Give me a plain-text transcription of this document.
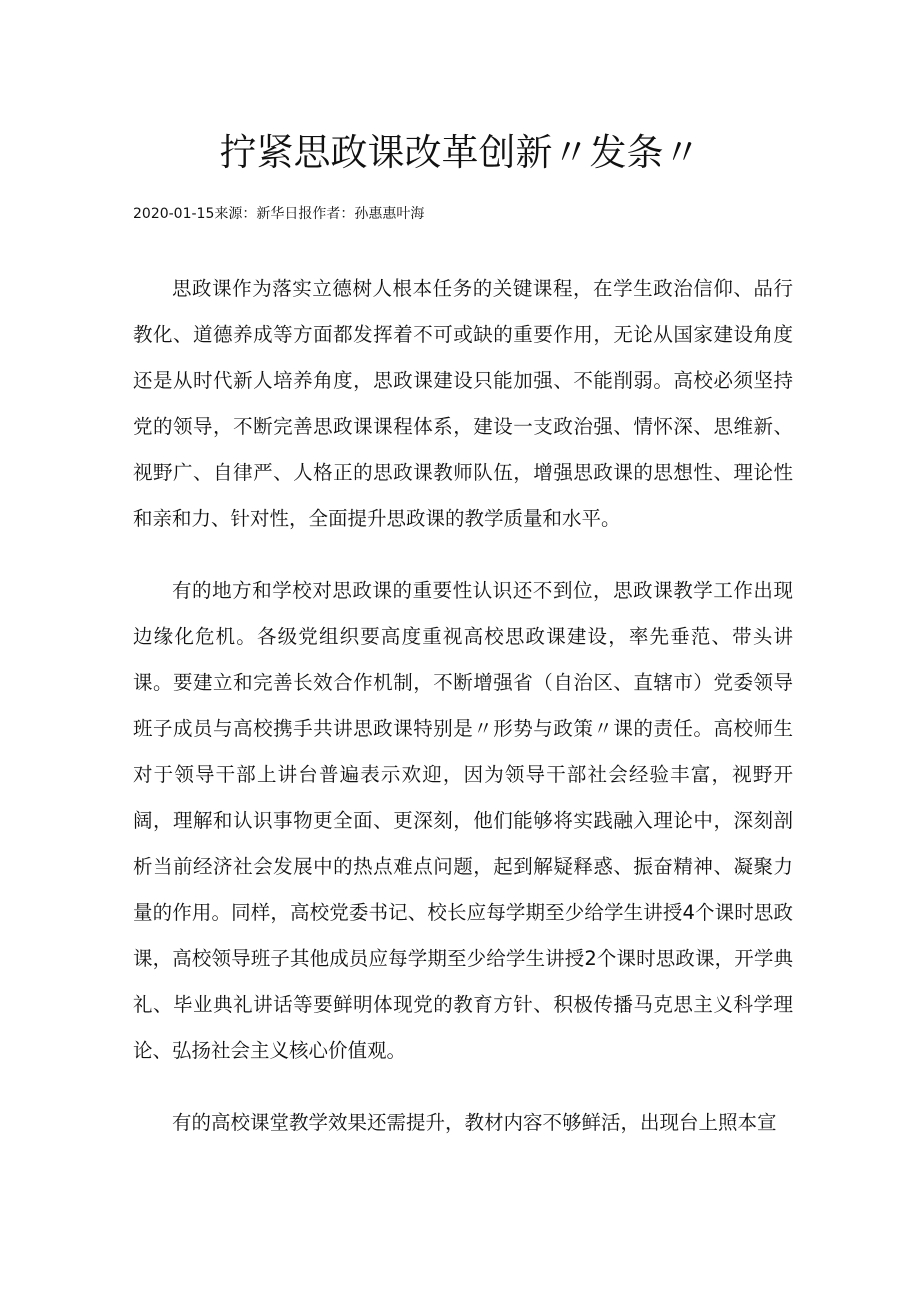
拧紧思政课改革创新〃发条〃

2020-01-15来源：新华日报作者：孙惠惠叶海

思政课作为落实立德树人根本任务的关键课程，在学生政治信仰、品行教化、道德养成等方面都发挥着不可或缺的重要作用，无论从国家建设角度还是从时代新人培养角度，思政课建设只能加强、不能削弱。高校必须坚持党的领导，不断完善思政课课程体系，建设一支政治强、情怀深、思维新、视野广、自律严、人格正的思政课教师队伍，增强思政课的思想性、理论性和亲和力、针对性，全面提升思政课的教学质量和水平。

有的地方和学校对思政课的重要性认识还不到位，思政课教学工作出现边缘化危机。各级党组织要高度重视高校思政课建设，率先垂范、带头讲课。要建立和完善长效合作机制，不断增强省（自治区、直辖市）党委领导班子成员与高校携手共讲思政课特别是〃形势与政策〃课的责任。高校师生对于领导干部上讲台普遍表示欢迎，因为领导干部社会经验丰富，视野开阔，理解和认识事物更全面、更深刻，他们能够将实践融入理论中，深刻剖析当前经济社会发展中的热点难点问题，起到解疑释惑、振奋精神、凝聚力量的作用。同样，高校党委书记、校长应每学期至少给学生讲授4个课时思政课，高校领导班子其他成员应每学期至少给学生讲授2个课时思政课，开学典礼、毕业典礼讲话等要鲜明体现党的教育方针、积极传播马克思主义科学理论、弘扬社会主义核心价值观。

有的高校课堂教学效果还需提升，教材内容不够鲜活，出现台上照本宣
